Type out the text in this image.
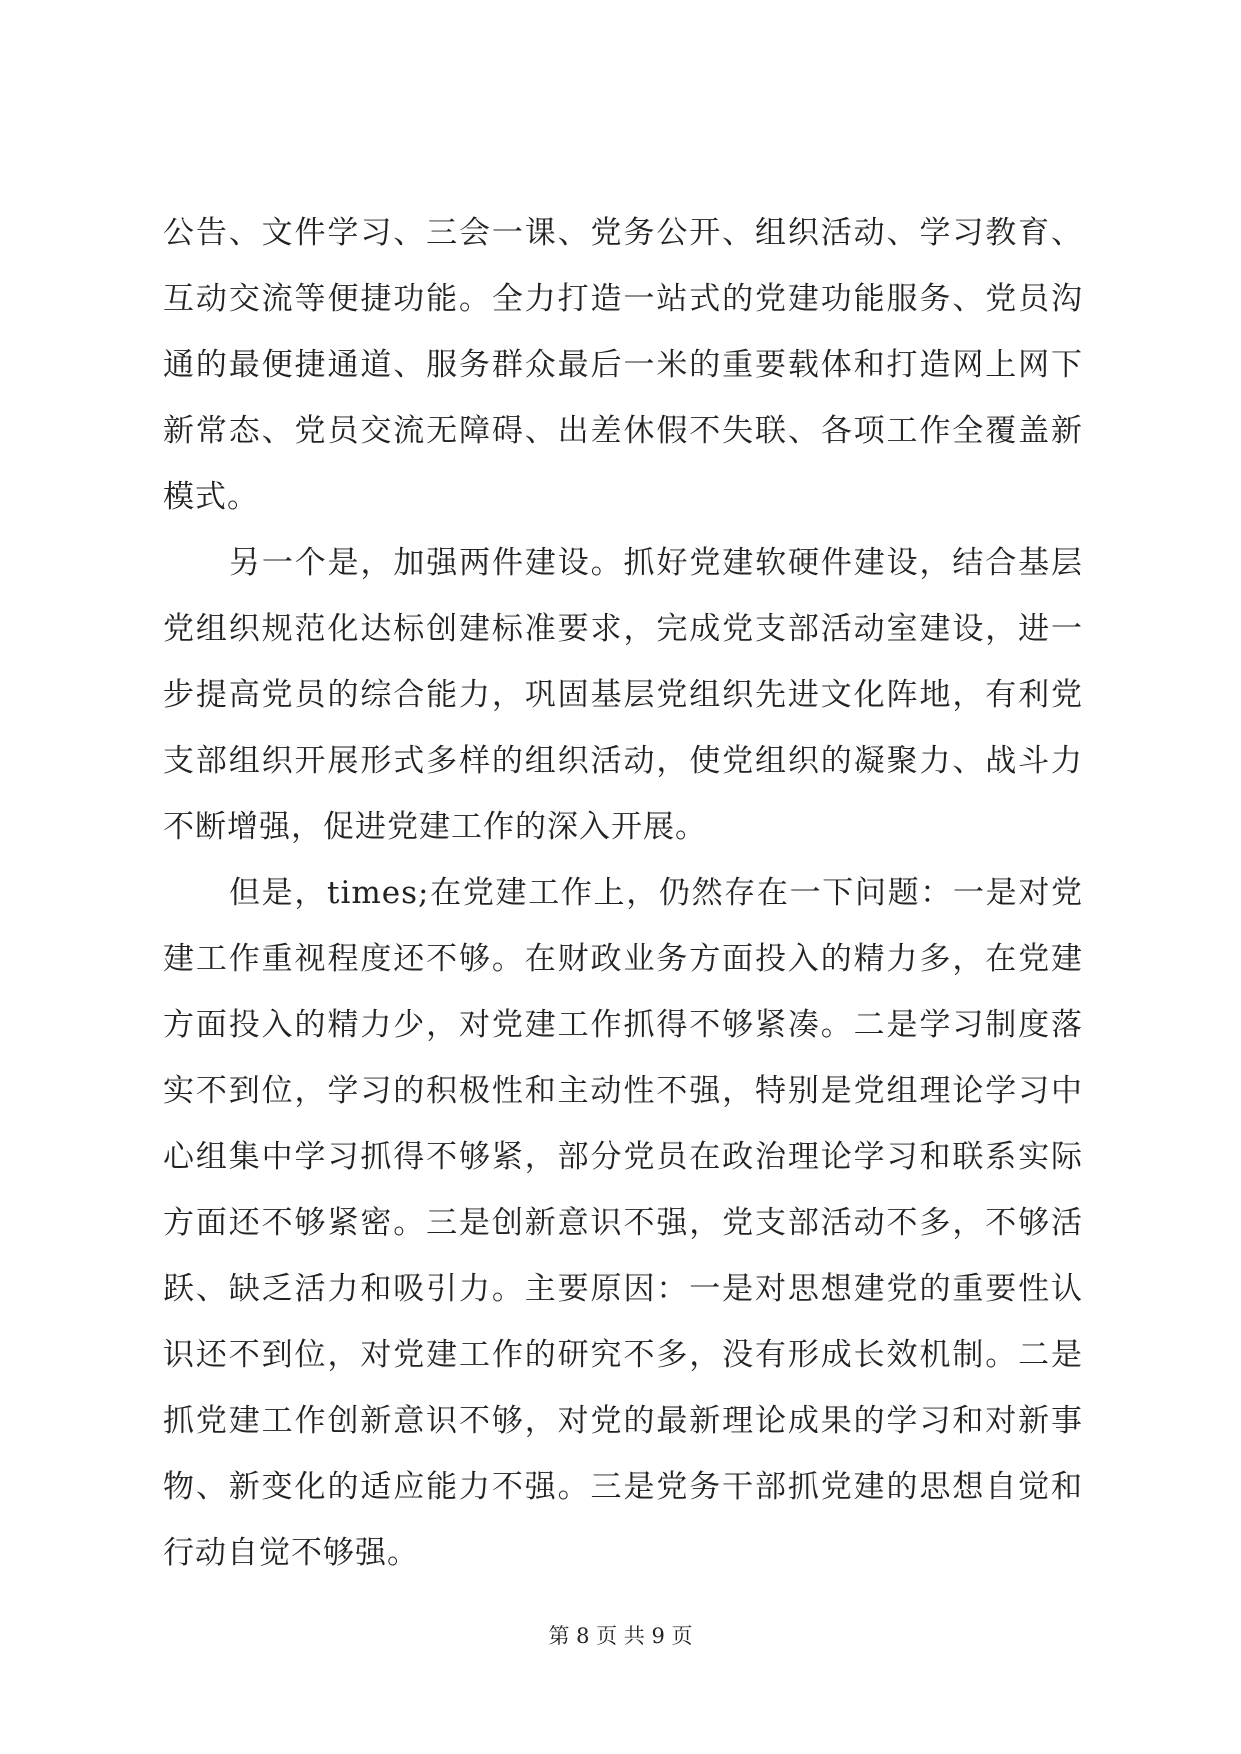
公告、文件学习、三会一课、党务公开、组织活动、学习教育、
互动交流等便捷功能。全力打造一站式的党建功能服务、党员沟
通的最便捷通道、服务群众最后一米的重要载体和打造网上网下
新常态、党员交流无障碍、出差休假不失联、各项工作全覆盖新
模式。
另一个是，加强两件建设。抓好党建软硬件建设，结合基层
党组织规范化达标创建标准要求，完成党支部活动室建设，进一
步提高党员的综合能力，巩固基层党组织先进文化阵地，有利党
支部组织开展形式多样的组织活动，使党组织的凝聚力、战斗力
不断增强，促进党建工作的深入开展。
但是，times;在党建工作上，仍然存在一下问题：一是对党
建工作重视程度还不够。在财政业务方面投入的精力多，在党建
方面投入的精力少，对党建工作抓得不够紧凑。二是学习制度落
实不到位，学习的积极性和主动性不强，特别是党组理论学习中
心组集中学习抓得不够紧，部分党员在政治理论学习和联系实际
方面还不够紧密。三是创新意识不强，党支部活动不多，不够活
跃、缺乏活力和吸引力。主要原因：一是对思想建党的重要性认
识还不到位，对党建工作的研究不多，没有形成长效机制。二是
抓党建工作创新意识不够，对党的最新理论成果的学习和对新事
物、新变化的适应能力不强。三是党务干部抓党建的思想自觉和
行动自觉不够强。
第 8 页 共 9 页
